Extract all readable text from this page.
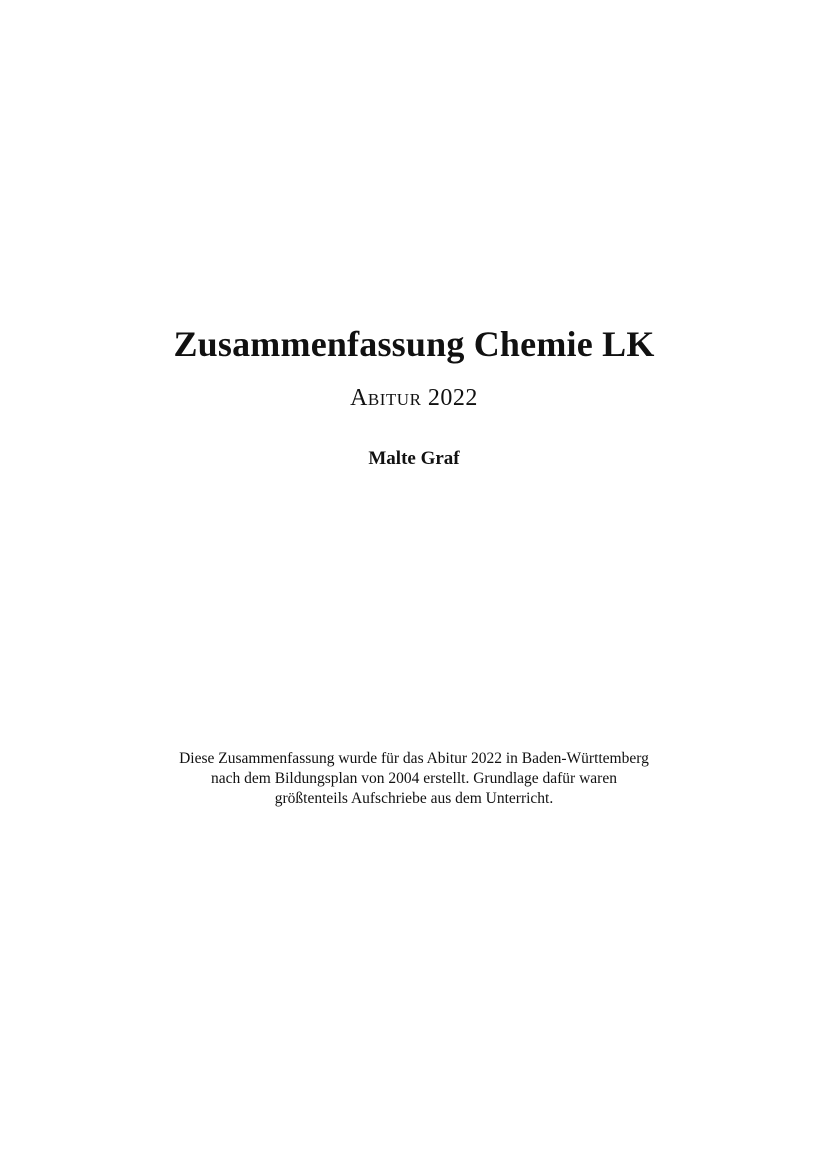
Zusammenfassung Chemie LK
Abitur 2022
Malte Graf
Diese Zusammenfassung wurde für das Abitur 2022 in Baden-Württemberg
nach dem Bildungsplan von 2004 erstellt. Grundlage dafür waren
größtenteils Aufschriebe aus dem Unterricht.
